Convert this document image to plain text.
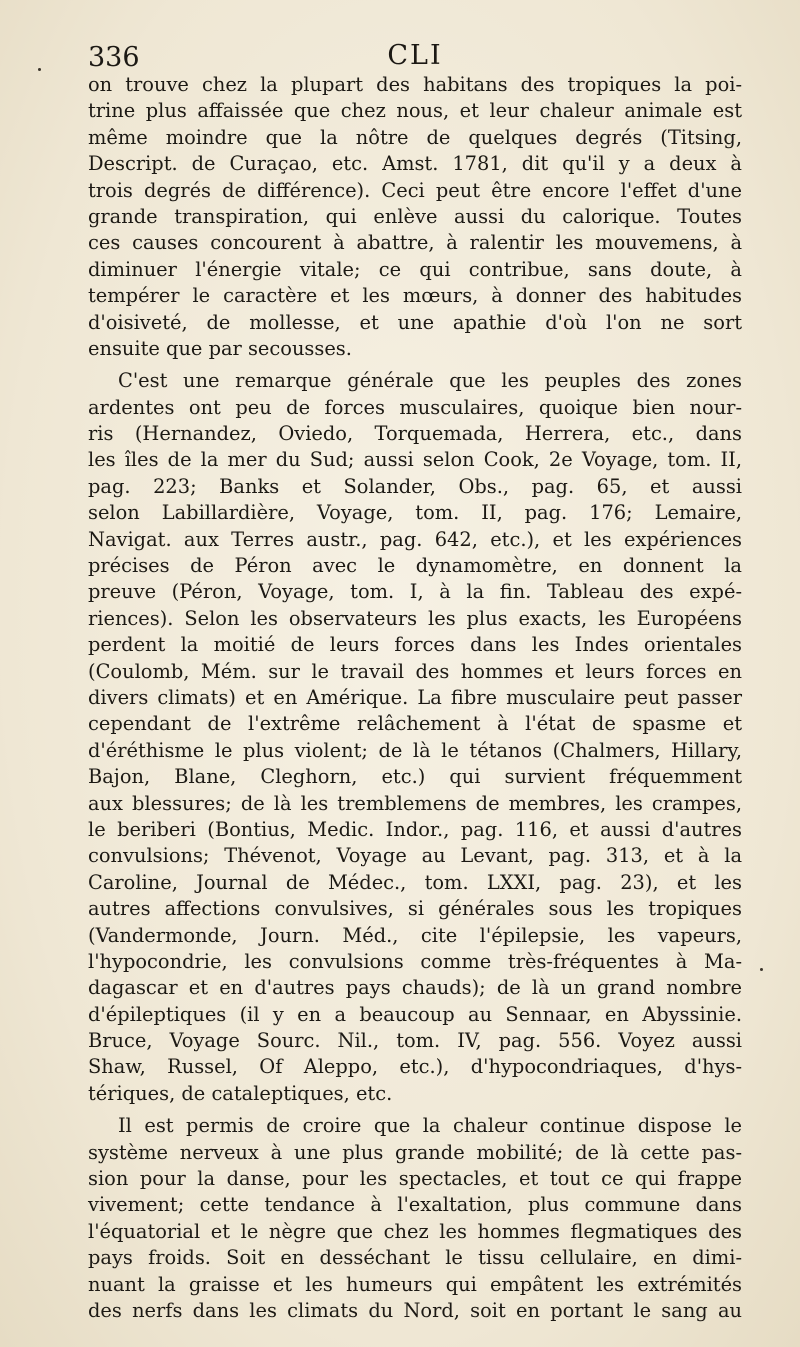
336	CLI
on trouve chez la plupart des habitans des tropiques la poi-
trine plus affaissée que chez nous, et leur chaleur animale est
même moindre que la nôtre de quelques degrés (Titsing,
Descript. de Curaçao, etc. Amst. 1781, dit qu'il y a deux à
trois degrés de différence). Ceci peut être encore l'effet d'une
grande transpiration, qui enlève aussi du calorique. Toutes
ces causes concourent à abattre, à ralentir les mouvemens, à
diminuer l'énergie vitale; ce qui contribue, sans doute, à
tempérer le caractère et les mœurs, à donner des habitudes
d'oisiveté, de mollesse, et une apathie d'où l'on ne sort
ensuite que par secousses.
C'est une remarque générale que les peuples des zones
ardentes ont peu de forces musculaires, quoique bien nour-
ris (Hernandez, Oviedo, Torquemada, Herrera, etc., dans
les îles de la mer du Sud; aussi selon Cook, 2e Voyage, tom. II,
pag. 223; Banks et Solander, Obs., pag. 65, et aussi
selon Labillardière, Voyage, tom. II, pag. 176; Lemaire,
Navigat. aux Terres austr., pag. 642, etc.), et les expériences
précises de Péron avec le dynamomètre, en donnent la
preuve (Péron, Voyage, tom. I, à la fin. Tableau des expé-
riences). Selon les observateurs les plus exacts, les Européens
perdent la moitié de leurs forces dans les Indes orientales
(Coulomb, Mém. sur le travail des hommes et leurs forces en
divers climats) et en Amérique. La fibre musculaire peut passer
cependant de l'extrême relâchement à l'état de spasme et
d'éréthisme le plus violent; de là le tétanos (Chalmers, Hillary,
Bajon, Blane, Cleghorn, etc.) qui survient fréquemment
aux blessures; de là les tremblemens de membres, les crampes,
le beriberi (Bontius, Medic. Indor., pag. 116, et aussi d'autres
convulsions; Thévenot, Voyage au Levant, pag. 313, et à la
Caroline, Journal de Médec., tom. LXXI, pag. 23), et les
autres affections convulsives, si générales sous les tropiques
(Vandermonde, Journ. Méd., cite l'épilepsie, les vapeurs,
l'hypocondrie, les convulsions comme très-fréquentes à Ma-
dagascar et en d'autres pays chauds); de là un grand nombre
d'épileptiques (il y en a beaucoup au Sennaar, en Abyssinie.
Bruce, Voyage Sourc. Nil., tom. IV, pag. 556. Voyez aussi
Shaw, Russel, Of Aleppo, etc.), d'hypocondriaques, d'hys-
tériques, de cataleptiques, etc.
Il est permis de croire que la chaleur continue dispose le
système nerveux à une plus grande mobilité; de là cette pas-
sion pour la danse, pour les spectacles, et tout ce qui frappe
vivement; cette tendance à l'exaltation, plus commune dans
l'équatorial et le nègre que chez les hommes flegmatiques des
pays froids. Soit en desséchant le tissu cellulaire, en dimi-
nuant la graisse et les humeurs qui empâtent les extrémités
des nerfs dans les climats du Nord, soit en portant le sang au
